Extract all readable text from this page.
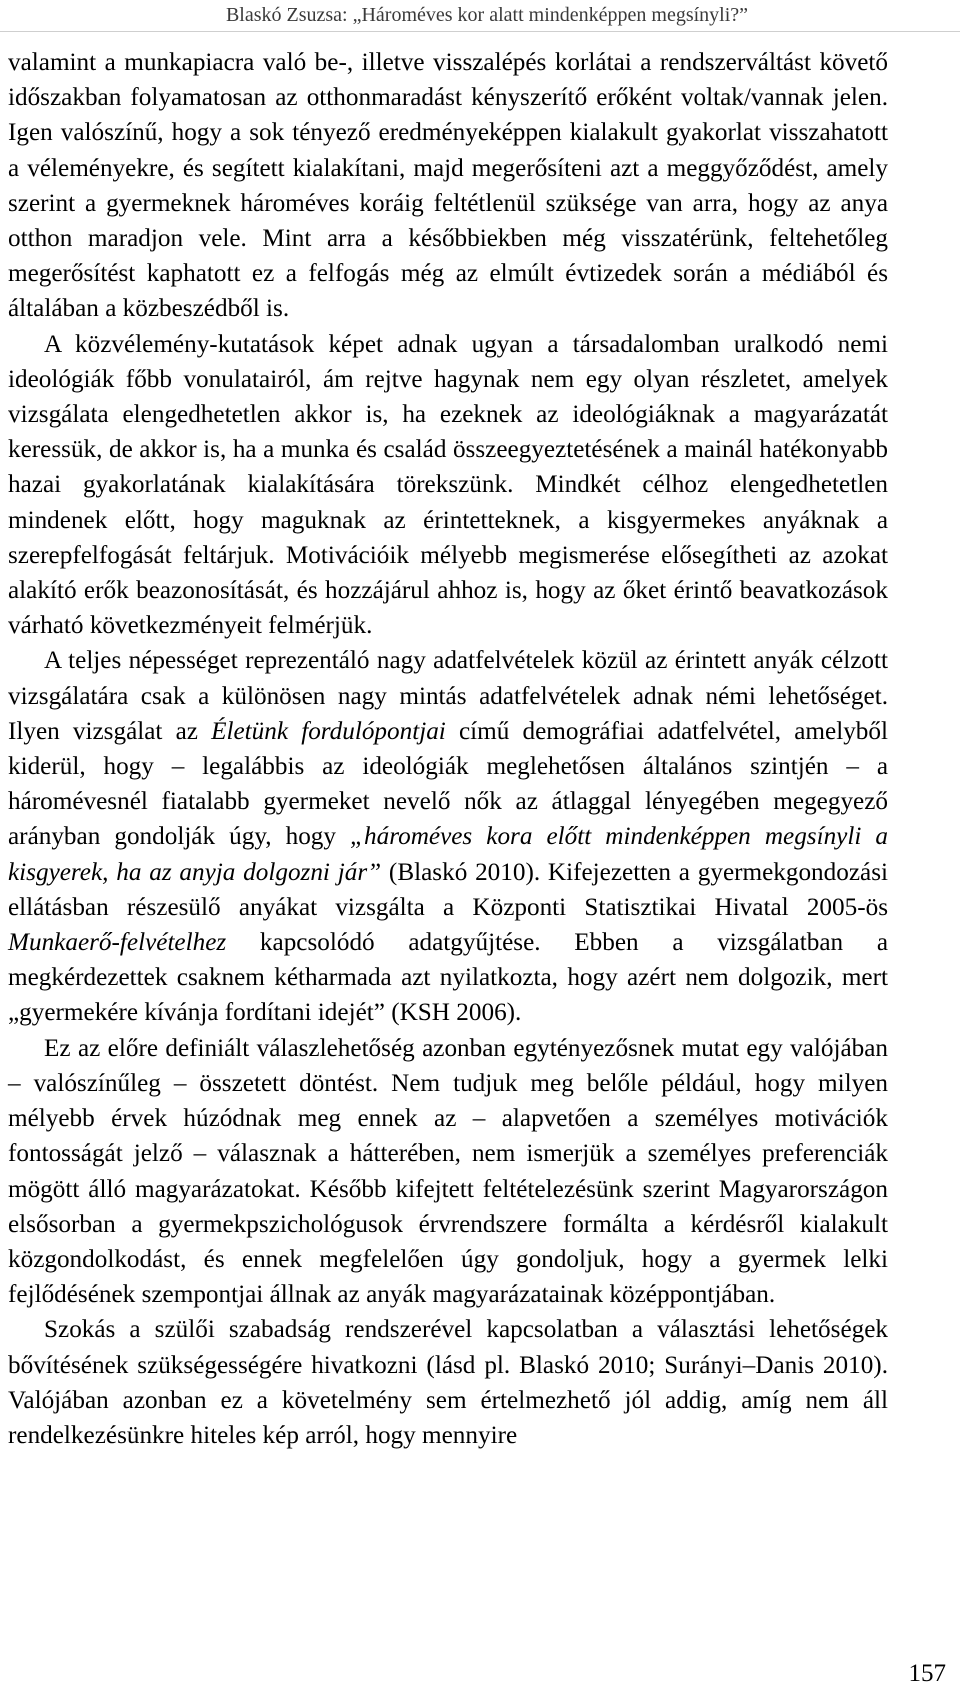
Blaskó Zsuzsa: „Hároméves kor alatt mindenképpen megsínyli?”

valamint a munkapiacra való be-, illetve visszalépés korlátai a rendszerváltást követő időszakban folyamatosan az otthonmaradást kényszerítő erőként voltak/vannak jelen. Igen valószínű, hogy a sok tényező eredményeképpen kialakult gyakorlat visszahatott a véleményekre, és segített kialakítani, majd megerősíteni azt a meggyőződést, amely szerint a gyermeknek hároméves koráig feltétlenül szüksége van arra, hogy az anya otthon maradjon vele. Mint arra a későbbiekben még visszatérünk, feltehetőleg megerősítést kaphatott ez a felfogás még az elmúlt évtizedek során a médiából és általában a közbeszédből is.

A közvélemény-kutatások képet adnak ugyan a társadalomban uralkodó nemi ideológiák főbb vonulatairól, ám rejtve hagynak nem egy olyan részletet, amelyek vizsgálata elengedhetetlen akkor is, ha ezeknek az ideológiáknak a magyarázatát keressük, de akkor is, ha a munka és család összeegyeztetésének a mainál hatékonyabb hazai gyakorlatának kialakítására törekszünk. Mindkét célhoz elengedhetetlen mindenek előtt, hogy maguknak az érintetteknek, a kisgyermekes anyáknak a szerepfelfogását feltárjuk. Motivációik mélyebb megismerése elősegítheti az azokat alakító erők beazonosítását, és hozzájárul ahhoz is, hogy az őket érintő beavatkozások várható következményeit felmérjük.

A teljes népességet reprezentáló nagy adatfelvételek közül az érintett anyák célzott vizsgálatára csak a különösen nagy mintás adatfelvételek adnak némi lehetőséget. Ilyen vizsgálat az Életünk fordulópontjai című demográfiai adatfelvétel, amelyből kiderül, hogy – legalábbis az ideológiák meglehetősen általános szintjén – a háromévesnél fiatalabb gyermeket nevelő nők az átlaggal lényegében megegyező arányban gondolják úgy, hogy „hároméves kora előtt mindenképpen megsínyli a kisgyerek, ha az anyja dolgozni jár” (Blaskó 2010). Kifejezetten a gyermekgondozási ellátásban részesülő anyákat vizsgálta a Központi Statisztikai Hivatal 2005-ös Munkaerő-felvételhez kapcsolódó adatgyűjtése. Ebben a vizsgálatban a megkérdezettek csaknem kétharmada azt nyilatkozta, hogy azért nem dolgozik, mert „gyermekére kívánja fordítani idejét” (KSH 2006).

Ez az előre definiált válaszlehetőség azonban egytényezősnek mutat egy valójában – valószínűleg – összetett döntést. Nem tudjuk meg belőle például, hogy milyen mélyebb érvek húzódnak meg ennek az – alapvetően a személyes motivációk fontosságát jelző – válasznak a hátterében, nem ismerjük a személyes preferenciák mögött álló magyarázatokat. Később kifejtett feltételezésünk szerint Magyarországon elsősorban a gyermekpszichológusok érvrendszere formálta a kérdésről kialakult közgondolkodást, és ennek megfelelően úgy gondoljuk, hogy a gyermek lelki fejlődésének szempontjai állnak az anyák magyarázatainak középpontjában.

Szokás a szülői szabadság rendszerével kapcsolatban a választási lehetőségek bővítésének szükségességére hivatkozni (lásd pl. Blaskó 2010; Surányi–Danis 2010). Valójában azonban ez a követelmény sem értelmezhető jól addig, amíg nem áll rendelkezésünkre hiteles kép arról, hogy mennyire

157
